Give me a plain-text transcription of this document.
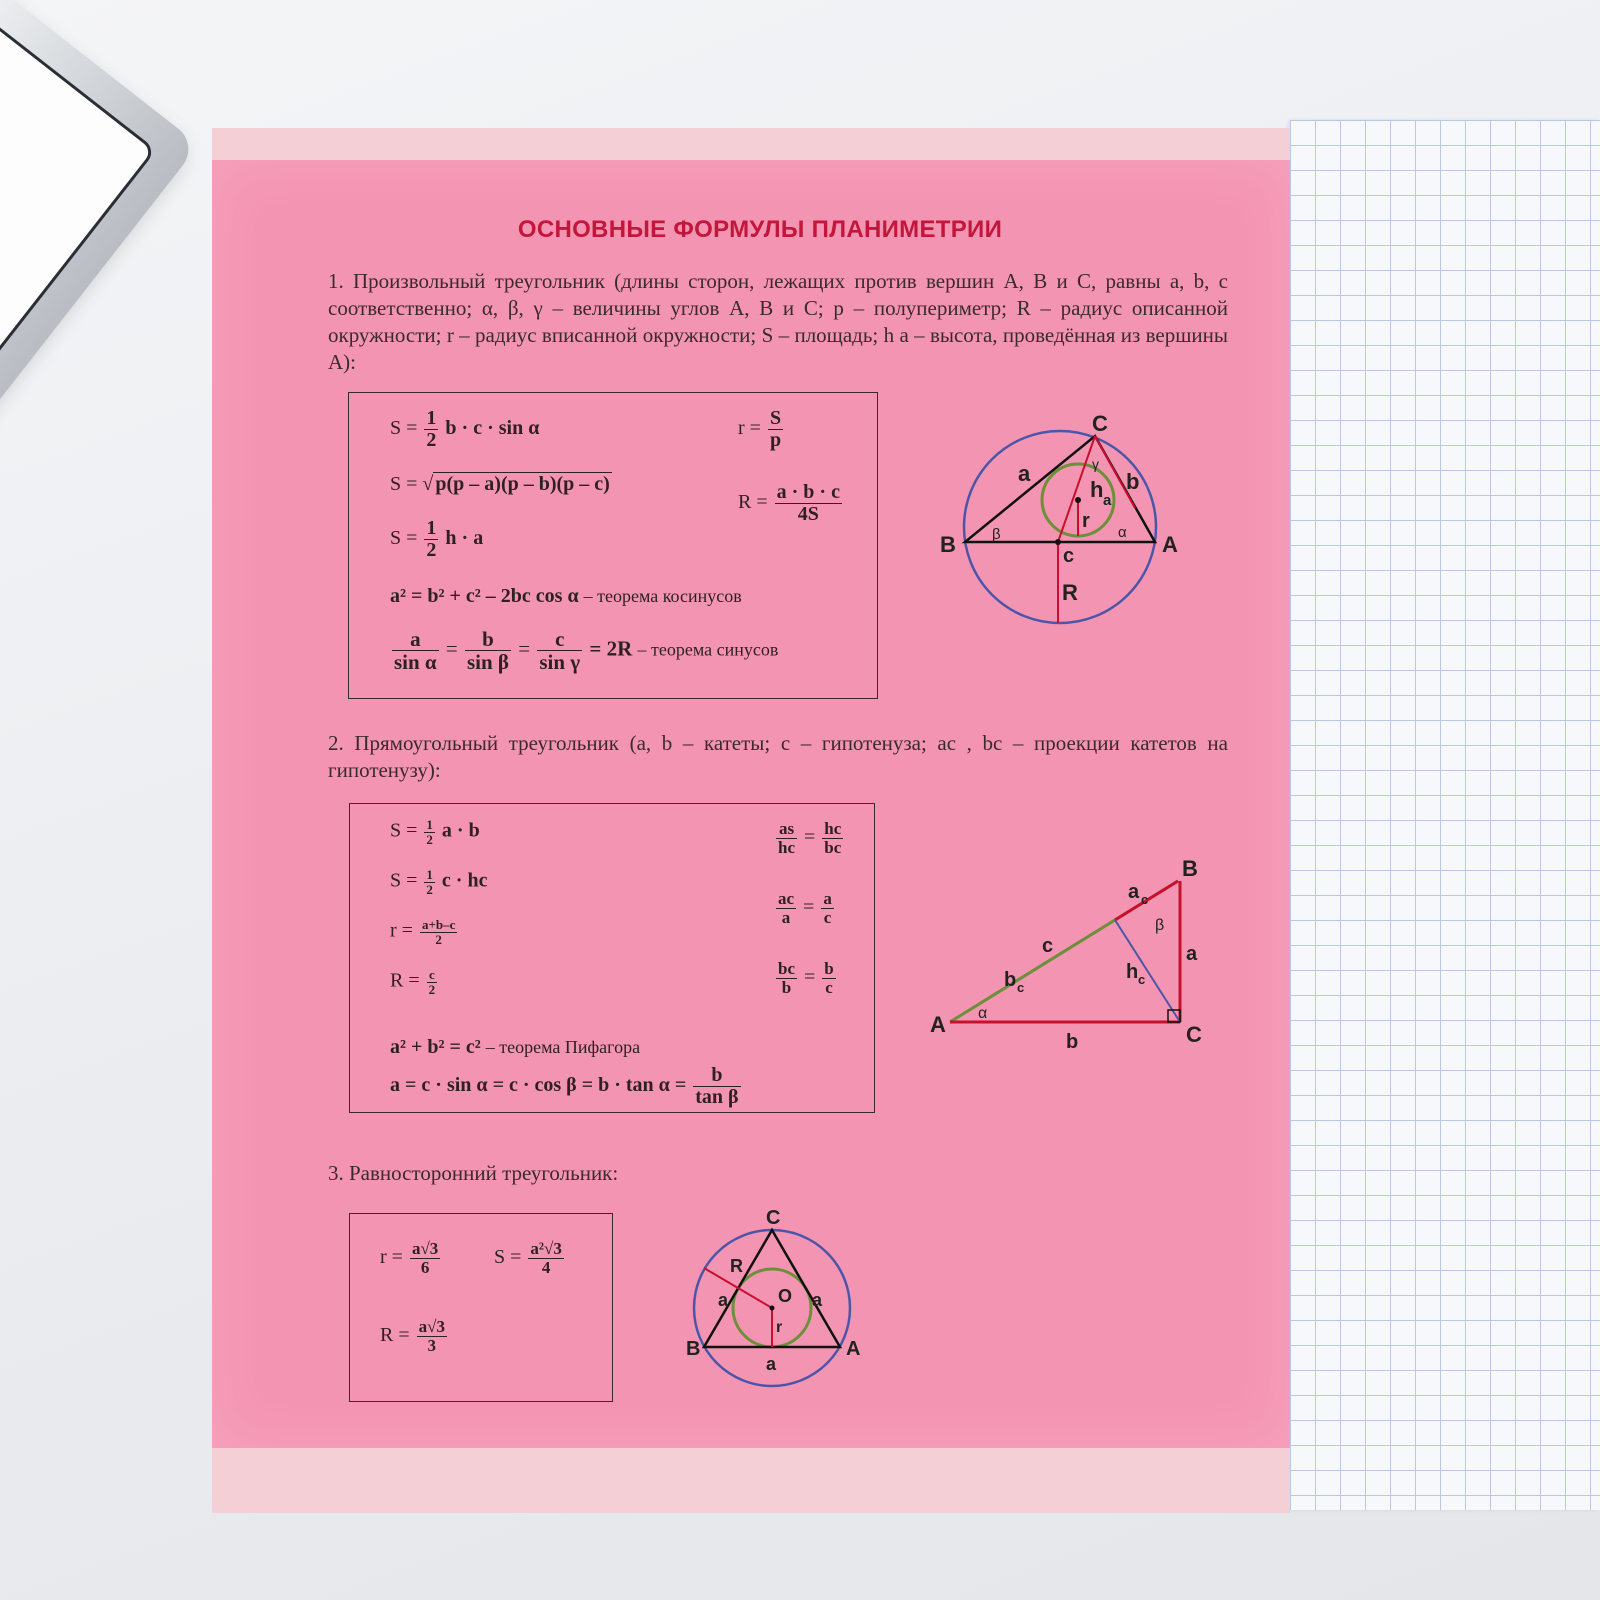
ОСНОВНЫЕ ФОРМУЛЫ ПЛАНИМЕТРИИ
1. Произвольный треугольник (длины сторон, лежащих против вершин A, B и C, равны a, b, c соответственно; α, β, γ – величины углов A, B и C; p – полупериметр; R – радиус описанной окружности; r – радиус вписанной окружности; S – площадь; h a – высота, проведённая из вершины A):
$S = \frac{1}{2}$ b · c · sin α
S = √ p(p – a)(p – b)(p – c)
$S = \frac{1}{2}$ h · a
a² = b² + c² – 2bc cos α – теорема косинусов
$\frac{a}{\text{sin α}} = \frac{b}{\text{sin β}} = \frac{c}{\text{sin γ}} = 2R$ – теорема синусов
$r = \frac{S}{p}$
$R = \frac{a \cdot b \cdot c}{4S}$
C
a	b
h a
r
B	A
c
R
β	α
γ
2. Прямоугольный треугольник (a, b – катеты; c – гипотенуза; aс , bс – проекции катетов на гипотенузу):
$S = \frac{1}{2}$ a · b
$S = \frac{1}{2}$ c · hc
$r = \frac{a+b-c}{2}$
$R = \frac{c}{2}$
a² + b² = c² – теорема Пифагора
$a = c \cdot \sin \alpha = c \cdot \cos \beta = b \cdot \tan \alpha = \frac{b}{\text{tan β}}$
$\frac{as}{hc} = \frac{hc}{bc}$
$\frac{ac}{a} = \frac{a}{c}$
$\frac{bc}{b} = \frac{b}{c}$
B
A	C
a
b
c
a c
b c
h c
α
β
3. Равносторонний треугольник:
$r = \frac{a√3}{6}$	$S = \frac{\text{a²√3}}{4}$
$R = \frac{a√3}{3}$
C
R
a	a
O
r
B	A
a
